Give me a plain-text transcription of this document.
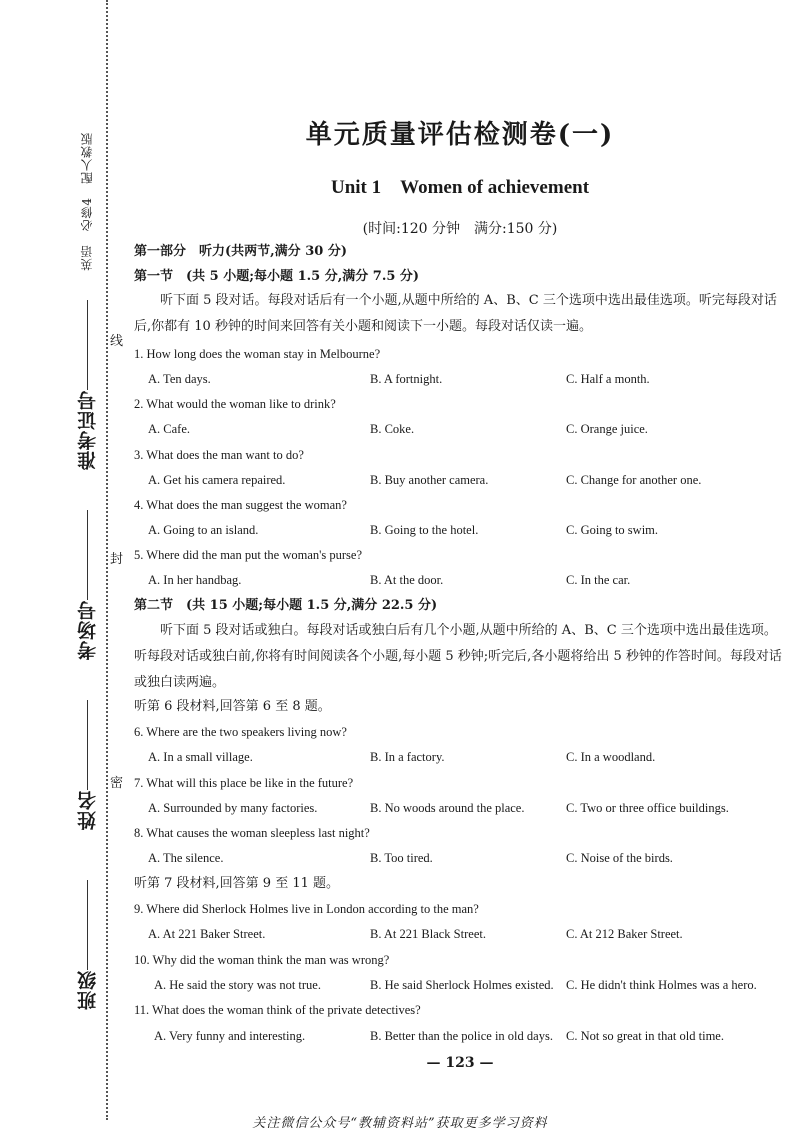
英语　必修4　配人教版
准考证号
考场号
姓名
班级
线
封
密
单元质量评估检测卷(一)
Unit 1　Women of achievement
(时间:120 分钟　满分:150 分)
第一部分　听力(共两节,满分 30 分)
第一节　(共 5 小题;每小题 1.5 分,满分 7.5 分)
听下面 5 段对话。每段对话后有一个小题,从题中所给的 A、B、C 三个选项中选出最佳选项。听完每段对话后,你都有 10 秒钟的时间来回答有关小题和阅读下一小题。每段对话仅读一遍。
1. How long does the woman stay in Melbourne?
A. Ten days.	B. A fortnight.	C. Half a month.
2. What would the woman like to drink?
A. Cafe.	B. Coke.	C. Orange juice.
3. What does the man want to do?
A. Get his camera repaired.	B. Buy another camera.	C. Change for another one.
4. What does the man suggest the woman?
A. Going to an island.	B. Going to the hotel.	C. Going to swim.
5. Where did the man put the woman's purse?
A. In her handbag.	B. At the door.	C. In the car.
第二节　(共 15 小题;每小题 1.5 分,满分 22.5 分)
听下面 5 段对话或独白。每段对话或独白后有几个小题,从题中所给的 A、B、C 三个选项中选出最佳选项。听每段对话或独白前,你将有时间阅读各个小题,每小题 5 秒钟;听完后,各小题将给出 5 秒钟的作答时间。每段对话或独白读两遍。
听第 6 段材料,回答第 6 至 8 题。
6. Where are the two speakers living now?
A. In a small village.	B. In a factory.	C. In a woodland.
7. What will this place be like in the future?
A. Surrounded by many factories.	B. No woods around the place.	C. Two or three office buildings.
8. What causes the woman sleepless last night?
A. The silence.	B. Too tired.	C. Noise of the birds.
听第 7 段材料,回答第 9 至 11 题。
9. Where did Sherlock Holmes live in London according to the man?
A. At 221 Baker Street.	B. At 221 Black Street.	C. At 212 Baker Street.
10. Why did the woman think the man was wrong?
A. He said the story was not true.	B. He said Sherlock Holmes existed. C. He didn't think Holmes was a hero.
11. What does the woman think of the private detectives?
A. Very funny and interesting.	B. Better than the police in old days. C. Not so great in that old time.
— 123 —
关注微信公众号“教辅资料站”获取更多学习资料
